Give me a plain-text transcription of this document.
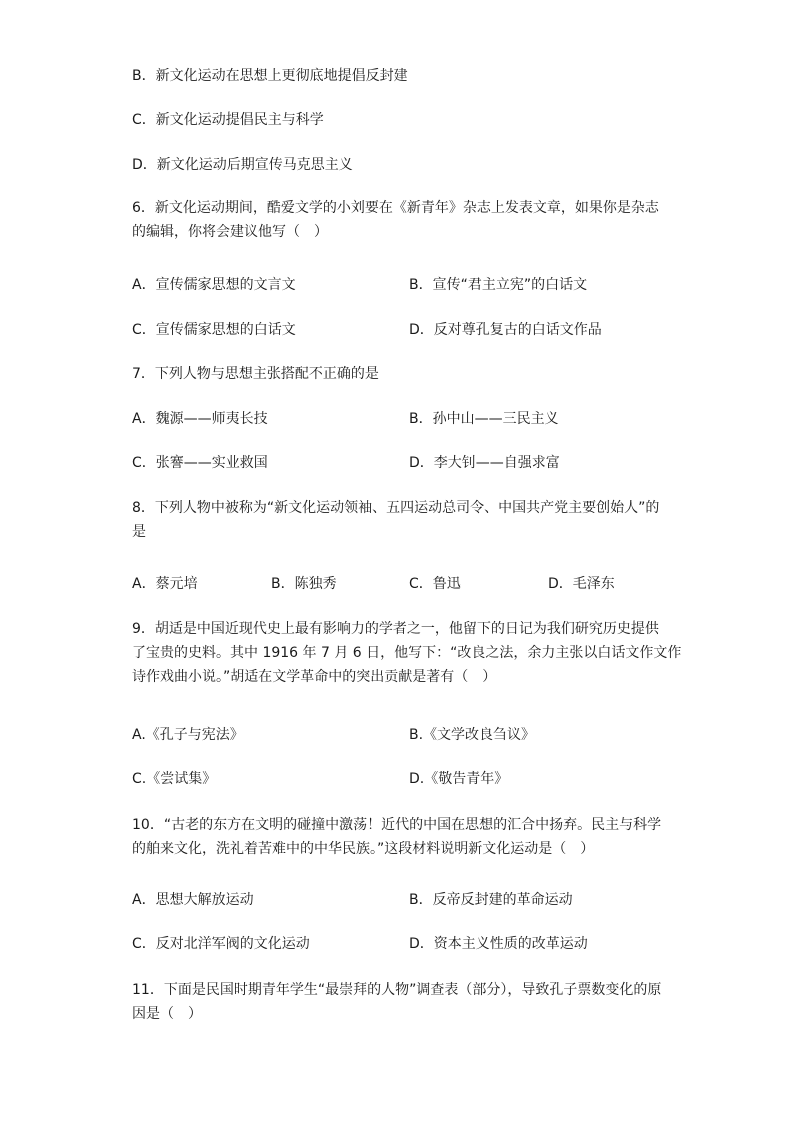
B．新文化运动在思想上更彻底地提倡反封建
C．新文化运动提倡民主与科学
D．新文化运动后期宣传马克思主义
6．新文化运动期间，酷爱文学的小刘要在《新青年》杂志上发表文章，如果你是杂志
的编辑，你将会建议他写（　）
A．宣传儒家思想的文言文	B．宣传“君主立宪”的白话文
C．宣传儒家思想的白话文	D．反对尊孔复古的白话文作品
7．下列人物与思想主张搭配不正确的是
A．魏源——师夷长技	B．孙中山——三民主义
C．张謇——实业救国	D．李大钊——自强求富
8．下列人物中被称为“新文化运动领袖、五四运动总司令、中国共产党主要创始人”的
是
A．蔡元培	B．陈独秀	C．鲁迅	D．毛泽东
9．胡适是中国近现代史上最有影响力的学者之一，他留下的日记为我们研究历史提供
了宝贵的史料。其中 1916 年 7 月 6 日，他写下：“改良之法，余力主张以白话文作文作
诗作戏曲小说。”胡适在文学革命中的突出贡献是著有（　）
A.《孔子与宪法》	B.《文学改良刍议》
C.《尝试集》	D.《敬告青年》
10．“古老的东方在文明的碰撞中激荡！近代的中国在思想的汇合中扬弃。民主与科学
的舶来文化，洗礼着苦难中的中华民族。”这段材料说明新文化运动是（　）
A．思想大解放运动	B．反帝反封建的革命运动
C．反对北洋军阀的文化运动	D．资本主义性质的改革运动
11．下面是民国时期青年学生“最崇拜的人物”调查表（部分），导致孔子票数变化的原
因是（　）
